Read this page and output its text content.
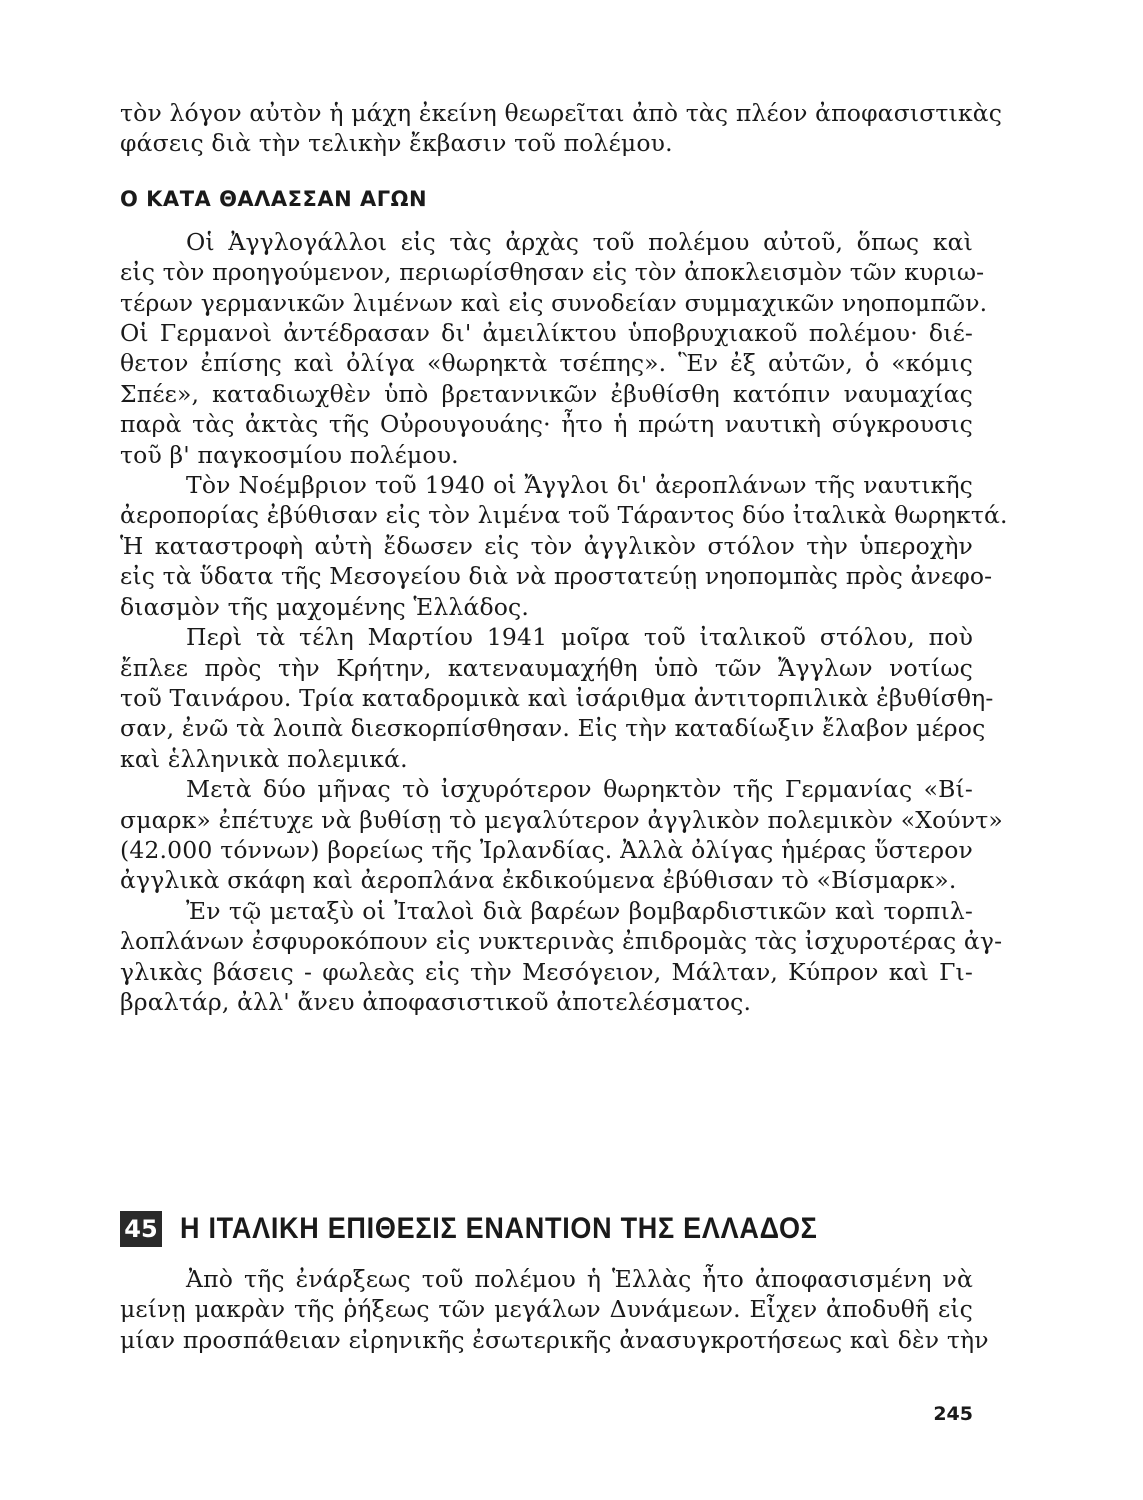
τὸν λόγον αὐτὸν ἡ μάχη ἐκείνη θεωρεῖται ἀπὸ τὰς πλέον ἀποφασιστικὰς
φάσεις διὰ τὴν τελικὴν ἔκβασιν τοῦ πολέμου.
Ο ΚΑΤΑ ΘΑΛΑΣΣΑΝ ΑΓΩΝ
Οἱ Ἀγγλογάλλοι εἰς τὰς ἀρχὰς τοῦ πολέμου αὐτοῦ, ὅπως καὶ
εἰς τὸν προηγούμενον, περιωρίσθησαν εἰς τὸν ἀποκλεισμὸν τῶν κυριω-
τέρων γερμανικῶν λιμένων καὶ εἰς συνοδείαν συμμαχικῶν νηοπομπῶν.
Οἱ Γερμανοὶ ἀντέδρασαν δι' ἀμειλίκτου ὑποβρυχιακοῦ πολέμου· διέ-
θετον ἐπίσης καὶ ὀλίγα «θωρηκτὰ τσέπης». Ἓν ἐξ αὐτῶν, ὁ «κόμις
Σπέε», καταδιωχθὲν ὑπὸ βρεταννικῶν ἐβυθίσθη κατόπιν ναυμαχίας
παρὰ τὰς ἀκτὰς τῆς Οὐρουγουάης· ἦτο ἡ πρώτη ναυτικὴ σύγκρουσις
τοῦ β' παγκοσμίου πολέμου.
Τὸν Νοέμβριον τοῦ 1940 οἱ Ἄγγλοι δι' ἀεροπλάνων τῆς ναυτικῆς
ἀεροπορίας ἐβύθισαν εἰς τὸν λιμένα τοῦ Τάραντος δύο ἰταλικὰ θωρηκτά.
Ἡ καταστροφὴ αὐτὴ ἔδωσεν εἰς τὸν ἀγγλικὸν στόλον τὴν ὑπεροχὴν
εἰς τὰ ὕδατα τῆς Μεσογείου διὰ νὰ προστατεύῃ νηοπομπὰς πρὸς ἀνεφο-
διασμὸν τῆς μαχομένης Ἑλλάδος.
Περὶ τὰ τέλη Μαρτίου 1941 μοῖρα τοῦ ἰταλικοῦ στόλου, ποὺ
ἔπλεε πρὸς τὴν Κρήτην, κατεναυμαχήθη ὑπὸ τῶν Ἄγγλων νοτίως
τοῦ Ταινάρου. Τρία καταδρομικὰ καὶ ἰσάριθμα ἀντιτορπιλικὰ ἐβυθίσθη-
σαν, ἐνῶ τὰ λοιπὰ διεσκορπίσθησαν. Εἰς τὴν καταδίωξιν ἔλαβον μέρος
καὶ ἑλληνικὰ πολεμικά.
Μετὰ δύο μῆνας τὸ ἰσχυρότερον θωρηκτὸν τῆς Γερμανίας «Βί-
σμαρκ» ἐπέτυχε νὰ βυθίσῃ τὸ μεγαλύτερον ἀγγλικὸν πολεμικὸν «Χούντ»
(42.000 τόννων) βορείως τῆς Ἰρλανδίας. Ἀλλὰ ὀλίγας ἡμέρας ὕστερον
ἀγγλικὰ σκάφη καὶ ἀεροπλάνα ἐκδικούμενα ἐβύθισαν τὸ «Βίσμαρκ».
Ἐν τῷ μεταξὺ οἱ Ἰταλοὶ διὰ βαρέων βομβαρδιστικῶν καὶ τορπιλ-
λοπλάνων ἐσφυροκόπουν εἰς νυκτερινὰς ἐπιδρομὰς τὰς ἰσχυροτέρας ἀγ-
γλικὰς βάσεις - φωλεὰς εἰς τὴν Μεσόγειον, Μάλταν, Κύπρον καὶ Γι-
βραλτάρ, ἀλλ' ἄνευ ἀποφασιστικοῦ ἀποτελέσματος.
45 Η ΙΤΑΛΙΚΗ ΕΠΙΘΕΣΙΣ ΕΝΑΝΤΙΟΝ ΤΗΣ ΕΛΛΑΔΟΣ
Ἀπὸ τῆς ἐνάρξεως τοῦ πολέμου ἡ Ἑλλὰς ἦτο ἀποφασισμένη νὰ
μείνῃ μακρὰν τῆς ῥήξεως τῶν μεγάλων Δυνάμεων. Εἶχεν ἀποδυθῆ εἰς
μίαν προσπάθειαν εἰρηνικῆς ἐσωτερικῆς ἀνασυγκροτήσεως καὶ δὲν τὴν
245
